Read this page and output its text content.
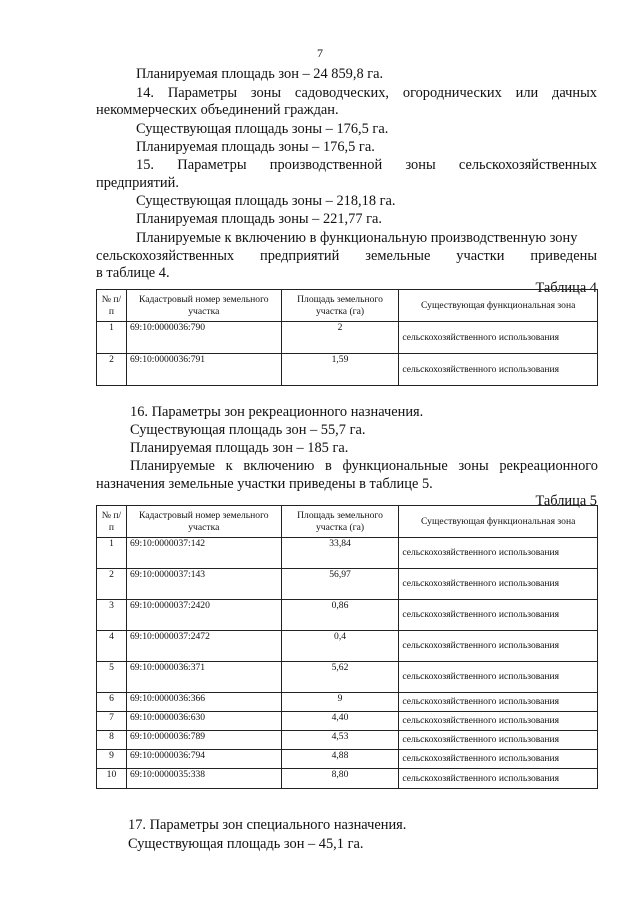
7

Планируемая площадь зон – 24 859,8 га.

14. Параметры зоны садоводческих, огороднических или дачных

некоммерческих объединений граждан.

Существующая площадь зоны – 176,5 га.

Планируемая площадь зоны – 176,5 га.

15. Параметры производственной зоны сельскохозяйственных

предприятий.

Существующая площадь зоны – 218,18 га.

Планируемая площадь зоны – 221,77 га.

Планируемые к включению в функциональную производственную зону

сельскохозяйственных предприятий земельные участки приведены

в таблице 4.

Таблица 4

№ п/п	Кадастровый номер земельного участка	Площадь земельного участка (га)	Существующая функциональная зона
1	69:10:0000036:790	2	сельскохозяйственного использования
2	69:10:0000036:791	1,59	сельскохозяйственного использования

16. Параметры зон рекреационного назначения.

Существующая площадь зон – 55,7 га.

Планируемая площадь зон – 185 га.

Планируемые к включению в функциональные зоны рекреационного

назначения земельные участки приведены в таблице 5.

Таблица 5

№ п/п	Кадастровый номер земельного участка	Площадь земельного участка (га)	Существующая функциональная зона
1	69:10:0000037:142	33,84	сельскохозяйственного использования
2	69:10:0000037:143	56,97	сельскохозяйственного использования
3	69:10:0000037:2420	0,86	сельскохозяйственного использования
4	69:10:0000037:2472	0,4	сельскохозяйственного использования
5	69:10:0000036:371	5,62	сельскохозяйственного использования
6	69:10:0000036:366	9	сельскохозяйственного использования
7	69:10:0000036:630	4,40	сельскохозяйственного использования
8	69:10:0000036:789	4,53	сельскохозяйственного использования
9	69:10:0000036:794	4,88	сельскохозяйственного использования
10	69:10:0000035:338	8,80	сельскохозяйственного использования

17. Параметры зон специального назначения.

Существующая площадь зон – 45,1 га.
